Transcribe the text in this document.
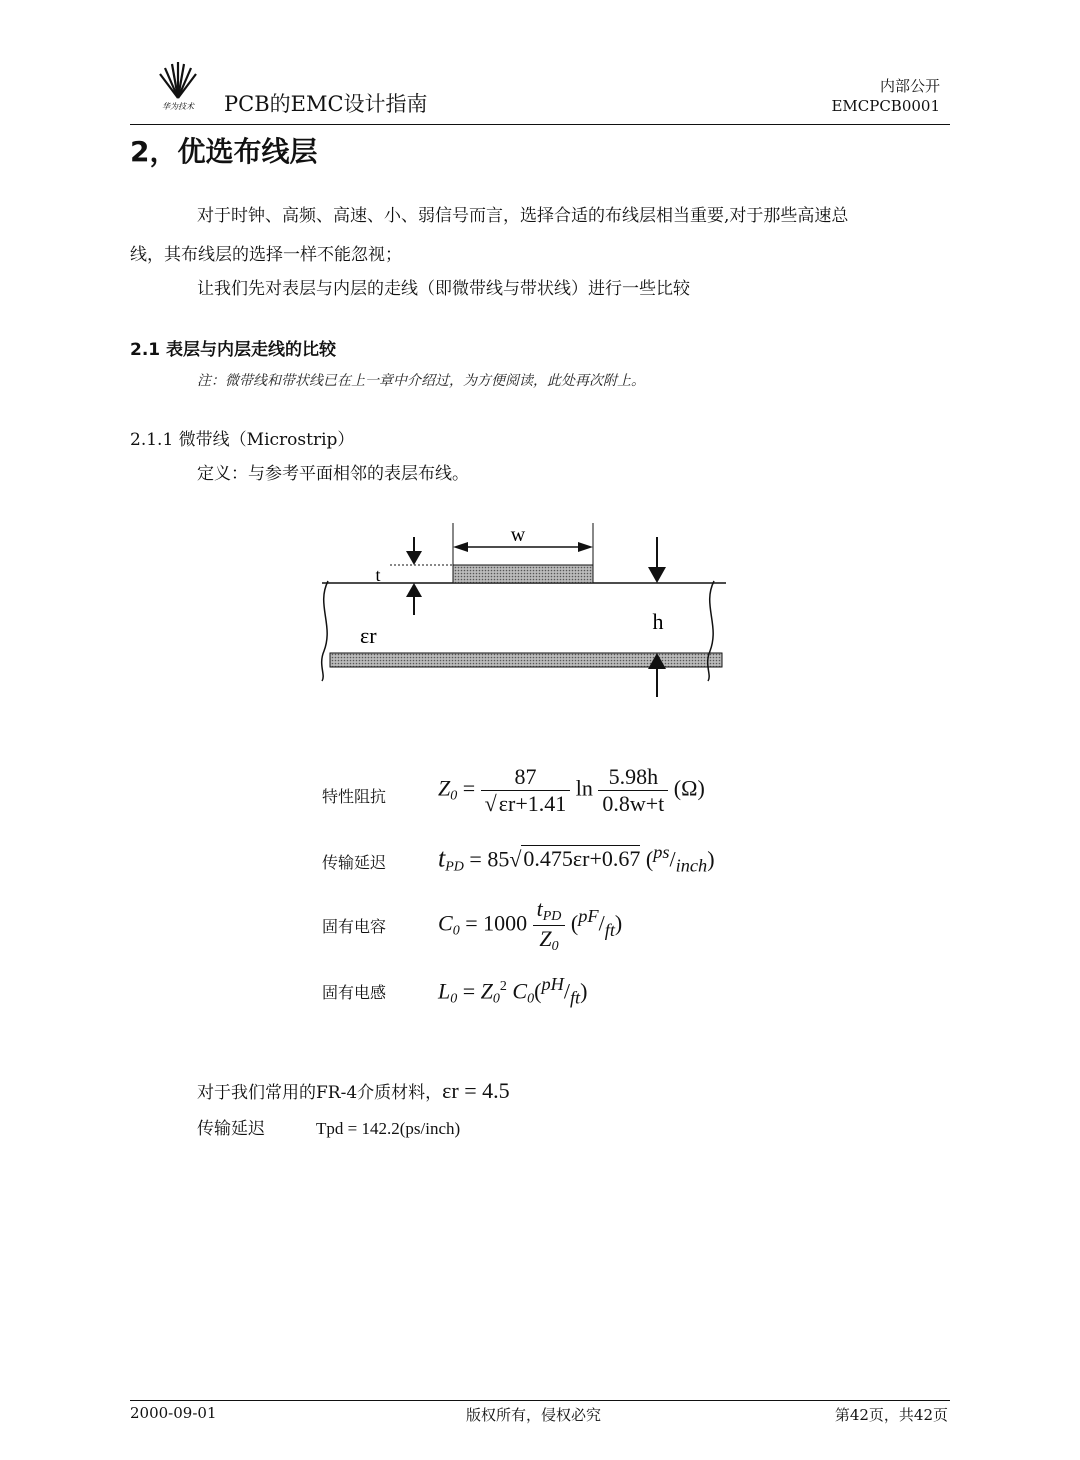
华为技术 PCB的EMC设计指南
内部公开
EMCPCB0001
2，优选布线层
对于时钟、高频、高速、小、弱信号而言，选择合适的布线层相当重要,对于那些高速总
线，其布线层的选择一样不能忽视；
让我们先对表层与内层的走线（即微带线与带状线）进行一些比较
2.1 表层与内层走线的比较
注：微带线和带状线已在上一章中介绍过，为方便阅读，此处再次附上。
2.1.1 微带线（Microstrip）
定义：与参考平面相邻的表层布线。
w
t
h
εr
特性阻抗 $Z_0 = \frac{87}{√\varepsilon r+1.41}$ $\ln \frac{5.98h}{0.8w+t} (\Omega)$
传输延迟 $t_{PD} = 85√0.475\varepsilon r+0.67$ $(^{ps}/_{inch})$
固有电容 $C_0 = 1000 \frac{t_{PD}}{Z_0} (^{pF}/_{ft})$
固有电感 $L_0 = Z_0^2$ $C_0(^{pH}/_{ft})$
对于我们常用的FR-4介质材料，εr = 4.5
传输延迟	Tpd = 142.2(ps/inch)
2000-09-01	版权所有，侵权必究	第42页，共42页
